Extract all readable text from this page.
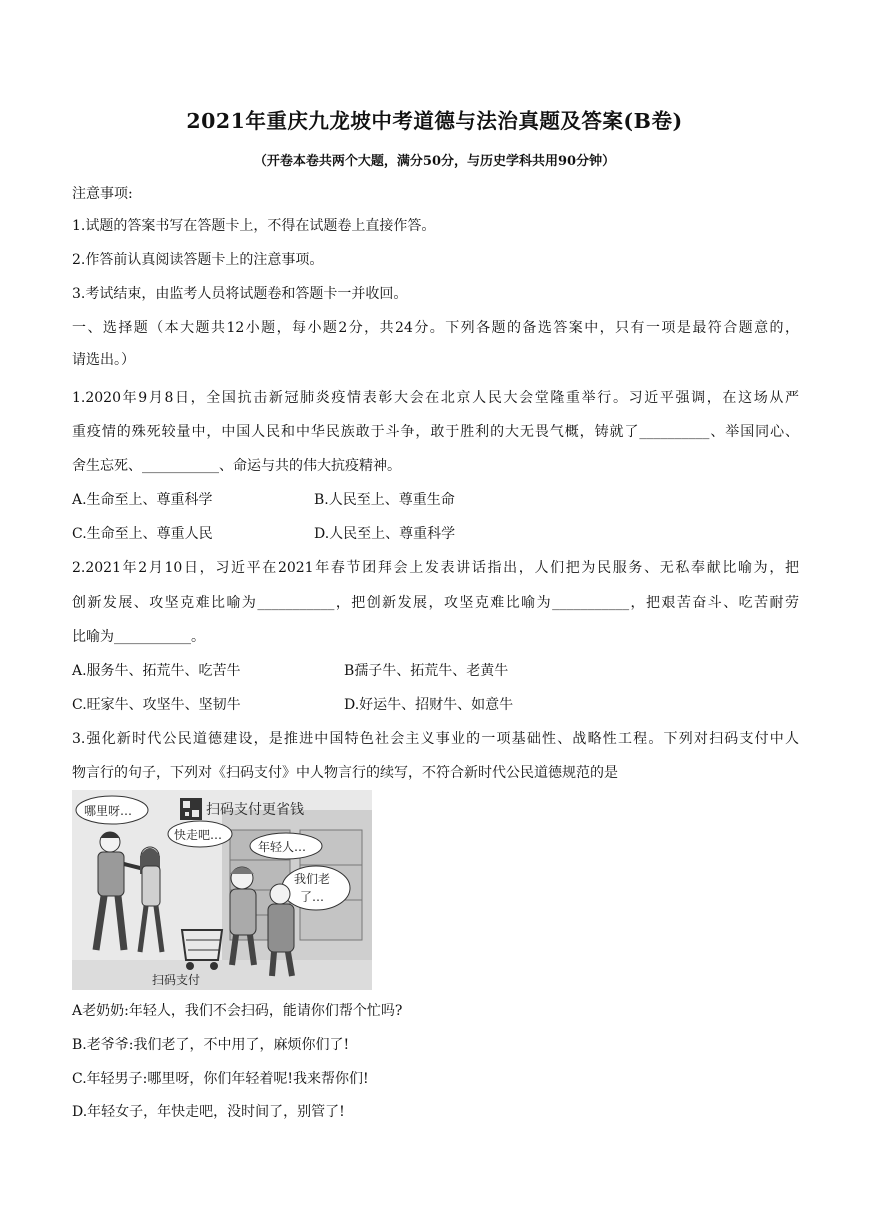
2021年重庆九龙坡中考道德与法治真题及答案(B卷)
（开卷本卷共两个大题，满分50分，与历史学科共用90分钟）
注意事项:
1.试题的答案书写在答题卡上，不得在试题卷上直接作答。
2.作答前认真阅读答题卡上的注意事项。
3.考试结束，由监考人员将试题卷和答题卡一并收回。
一、选择题（本大题共12小题，每小题2分，共24分。下列各题的备选答案中，只有一项是最符合题意的，
请选出。）
1.2020年9月8日，全国抗击新冠肺炎疫情表彰大会在北京人民大会堂隆重举行。习近平强调，在这场从严
重疫情的殊死较量中，中国人民和中华民族敢于斗争，敢于胜利的大无畏气概，铸就了__________、举国同心、
舍生忘死、___________、命运与共的伟大抗疫精神。
A.生命至上、尊重科学	B.人民至上、尊重生命
C.生命至上、尊重人民	D.人民至上、尊重科学
2.2021年2月10日，习近平在2021年春节团拜会上发表讲话指出，人们把为民服务、无私奉献比喻为，把
创新发展、攻坚克难比喻为___________，把创新发展，攻坚克难比喻为___________，把艰苦奋斗、吃苦耐劳
比喻为___________。
A.服务牛、拓荒牛、吃苦牛	B孺子牛、拓荒牛、老黄牛
C.旺家牛、攻坚牛、坚韧牛	D.好运牛、招财牛、如意牛
3.强化新时代公民道德建设，是推进中国特色社会主义事业的一项基础性、战略性工程。下列对扫码支付中人
物言行的句子，下列对《扫码支付》中人物言行的续写，不符合新时代公民道德规范的是
扫码支付更省钱
哪里呀…
快走吧…
年轻人…
我们老
了…
扫码支付
A老奶奶:年轻人，我们不会扫码，能请你们帮个忙吗?
B.老爷爷:我们老了，不中用了，麻烦你们了!
C.年轻男子:哪里呀，你们年轻着呢!我来帮你们!
D.年轻女子，年快走吧，没时间了，别管了!
